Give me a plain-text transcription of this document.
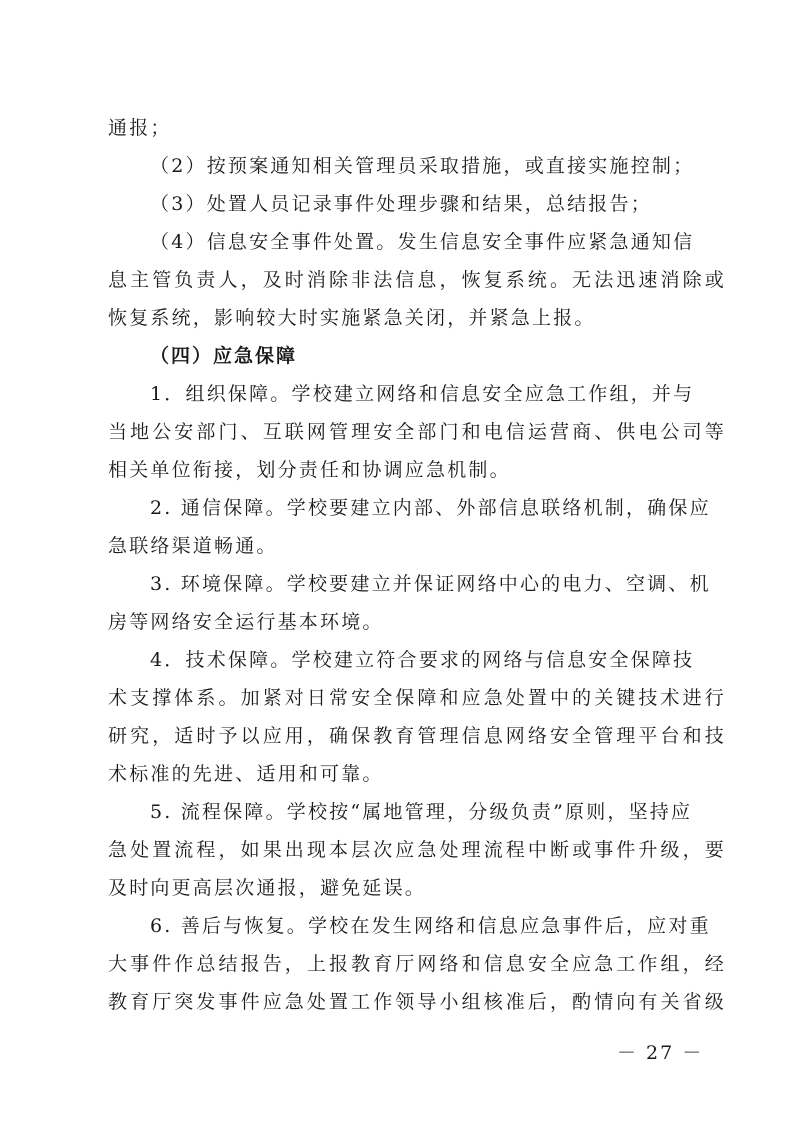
通报；
（2）按预案通知相关管理员采取措施，或直接实施控制；
（3）处置人员记录事件处理步骤和结果，总结报告；
（4）信息安全事件处置。发生信息安全事件应紧急通知信
息主管负责人，及时消除非法信息，恢复系统。无法迅速消除或
恢复系统，影响较大时实施紧急关闭，并紧急上报。
（四）应急保障
1．组织保障。学校建立网络和信息安全应急工作组，并与
当地公安部门、互联网管理安全部门和电信运营商、供电公司等
相关单位衔接，划分责任和协调应急机制。
2. 通信保障。学校要建立内部、外部信息联络机制，确保应
急联络渠道畅通。
3. 环境保障。学校要建立并保证网络中心的电力、空调、机
房等网络安全运行基本环境。
4．技术保障。学校建立符合要求的网络与信息安全保障技
术支撑体系。加紧对日常安全保障和应急处置中的关键技术进行
研究，适时予以应用，确保教育管理信息网络安全管理平台和技
术标准的先进、适用和可靠。
5. 流程保障。学校按“属地管理，分级负责”原则，坚持应
急处置流程，如果出现本层次应急处理流程中断或事件升级，要
及时向更高层次通报，避免延误。
6. 善后与恢复。学校在发生网络和信息应急事件后，应对重
大事件作总结报告，上报教育厅网络和信息安全应急工作组，经
教育厅突发事件应急处置工作领导小组核准后，酌情向有关省级
－ 27 －
